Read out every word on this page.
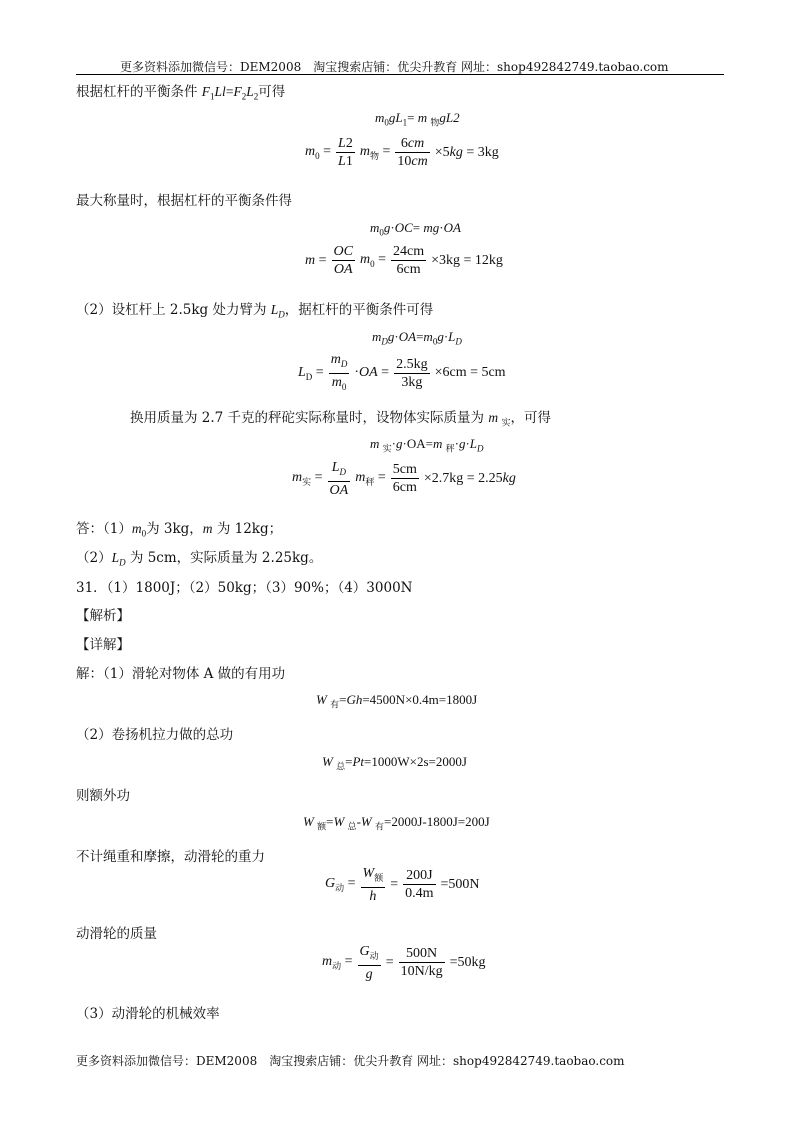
更多资料添加微信号：DEM2008　淘宝搜索店铺：优尖升教育 网址：shop492842749.taobao.com
根据杠杆的平衡条件 $F_1Ll=F_2L_2$可得
$m_0gL_1= m$ $_物$gL2
$m_0 = \frac{L2}{L1} m_物 = \frac{6cm}{10cm} \times 5kg = 3kg$
最大称量时，根据杠杆的平衡条件得
$m_0g\cdot OC= mg\cdot OA$
$m = \frac{OC}{OA} m_0 = \frac{24cm}{6cm} \times 3kg = 12kg$
（2）设杠杆上 2.5kg 处力臂为 $L_D$，据杠杆的平衡条件可得
$m_Dg\cdot OA=m_0g\cdot L_D$
$L_D = \frac{m_D}{m_0} \cdot OA = \frac{2.5kg}{3kg} \times 6cm = 5cm$
换用质量为 2.7 千克的秤砣实际称量时，设物体实际质量为 m $_实$，可得
m $_实$·g·OA=m $_秤\cdot g\cdot L_D$
$m_实 = \frac{L_D}{OA} m_秤 = \frac{5cm}{6cm} \times 2.7kg = 2.25kg$
答：$(1)m_0$为 3kg，m 为 12kg；
$(2)L_D$ 为 5cm，实际质量为 2.25kg。
31．（1）1800J；（2）50kg；（3）90%；（4）3000N
【解析】
【详解】
解：（1）滑轮对物体 A 做的有用功
W $_有$=Gh=4500N×0.4m=1800J
（2）卷扬机拉力做的总功
W $_总$=Pt=1000W×2s=2000J
则额外功
W $_额$=W $_总$-W $_有$=2000J-1800J=200J
不计绳重和摩擦，动滑轮的重力
$G_动 = \frac{W_额}{h} = \frac{200J}{0.4m} =500N$
动滑轮的质量
$m_动 = \frac{G_动}{g} = \frac{500N}{10N/kg} =50kg$
（3）动滑轮的机械效率
更多资料添加微信号：DEM2008　淘宝搜索店铺：优尖升教育 网址：shop492842749.taobao.com
